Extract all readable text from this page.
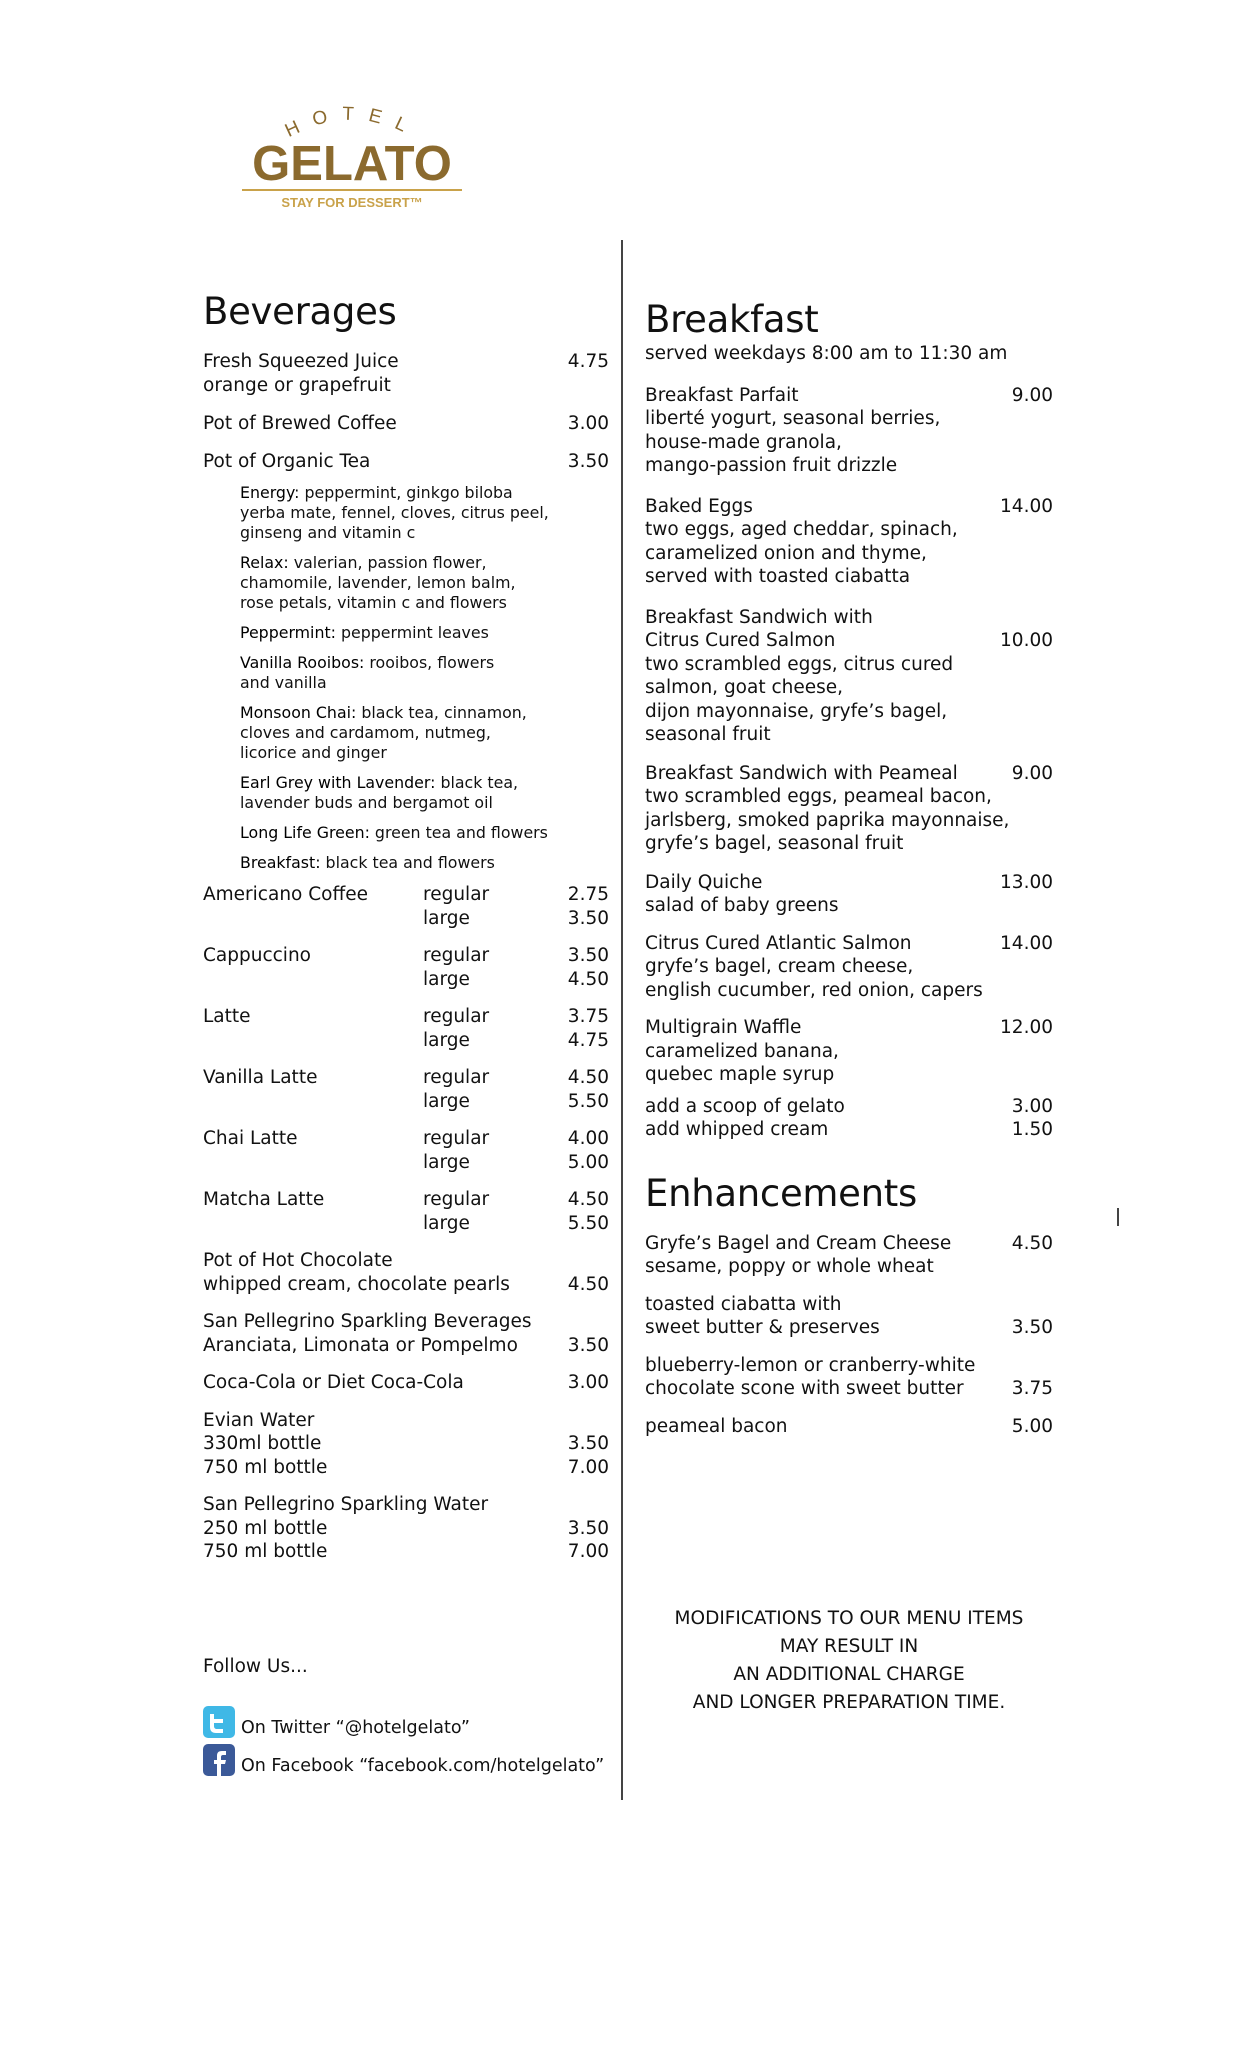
HOTEL
GELATO
STAY FOR DESSERT™
Beverages
Fresh Squeezed Juice	4.75
orange or grapefruit
Pot of Brewed Coffee	3.00
Pot of Organic Tea	3.50
Energy: peppermint, ginkgo biloba
yerba mate, fennel, cloves, citrus peel,
ginseng and vitamin c
Relax: valerian, passion flower,
chamomile, lavender, lemon balm,
rose petals, vitamin c and flowers
Peppermint: peppermint leaves
Vanilla Rooibos: rooibos, flowers
and vanilla
Monsoon Chai: black tea, cinnamon,
cloves and cardamom, nutmeg,
licorice and ginger
Earl Grey with Lavender: black tea,
lavender buds and bergamot oil
Long Life Green: green tea and flowers
Breakfast: black tea and flowers
Americano Coffee	regular	2.75
large	3.50
Cappuccino	regular	3.50
large	4.50
Latte	regular	3.75
large	4.75
Vanilla Latte	regular	4.50
large	5.50
Chai Latte	regular	4.00
large	5.00
Matcha Latte	regular	4.50
large	5.50
Pot of Hot Chocolate
whipped cream, chocolate pearls	4.50
San Pellegrino Sparkling Beverages
Aranciata, Limonata or Pompelmo	3.50
Coca-Cola or Diet Coca-Cola	3.00
Evian Water
330ml bottle	3.50
750 ml bottle	7.00
San Pellegrino Sparkling Water
250 ml bottle	3.50
750 ml bottle	7.00
Breakfast
served weekdays 8:00 am to 11:30 am
Breakfast Parfait	9.00
liberté yogurt, seasonal berries,
house-made granola,
mango-passion fruit drizzle
Baked Eggs	14.00
two eggs, aged cheddar, spinach,
caramelized onion and thyme,
served with toasted ciabatta
Breakfast Sandwich with
Citrus Cured Salmon	10.00
two scrambled eggs, citrus cured
salmon, goat cheese,
dijon mayonnaise, gryfe’s bagel,
seasonal fruit
Breakfast Sandwich with Peameal	9.00
two scrambled eggs, peameal bacon,
jarlsberg, smoked paprika mayonnaise,
gryfe’s bagel, seasonal fruit
Daily Quiche	13.00
salad of baby greens
Citrus Cured Atlantic Salmon	14.00
gryfe’s bagel, cream cheese,
english cucumber, red onion, capers
Multigrain Waffle	12.00
caramelized banana,
quebec maple syrup
add a scoop of gelato	3.00
add whipped cream	1.50
Enhancements
Gryfe’s Bagel and Cream Cheese	4.50
sesame, poppy or whole wheat
toasted ciabatta with
sweet butter & preserves	3.50
blueberry-lemon or cranberry-white
chocolate scone with sweet butter	3.75
peameal bacon	5.00
MODIFICATIONS TO OUR MENU ITEMS
MAY RESULT IN
AN ADDITIONAL CHARGE
AND LONGER PREPARATION TIME.
Follow Us...
On Twitter “@hotelgelato”
On Facebook “facebook.com/hotelgelato”
